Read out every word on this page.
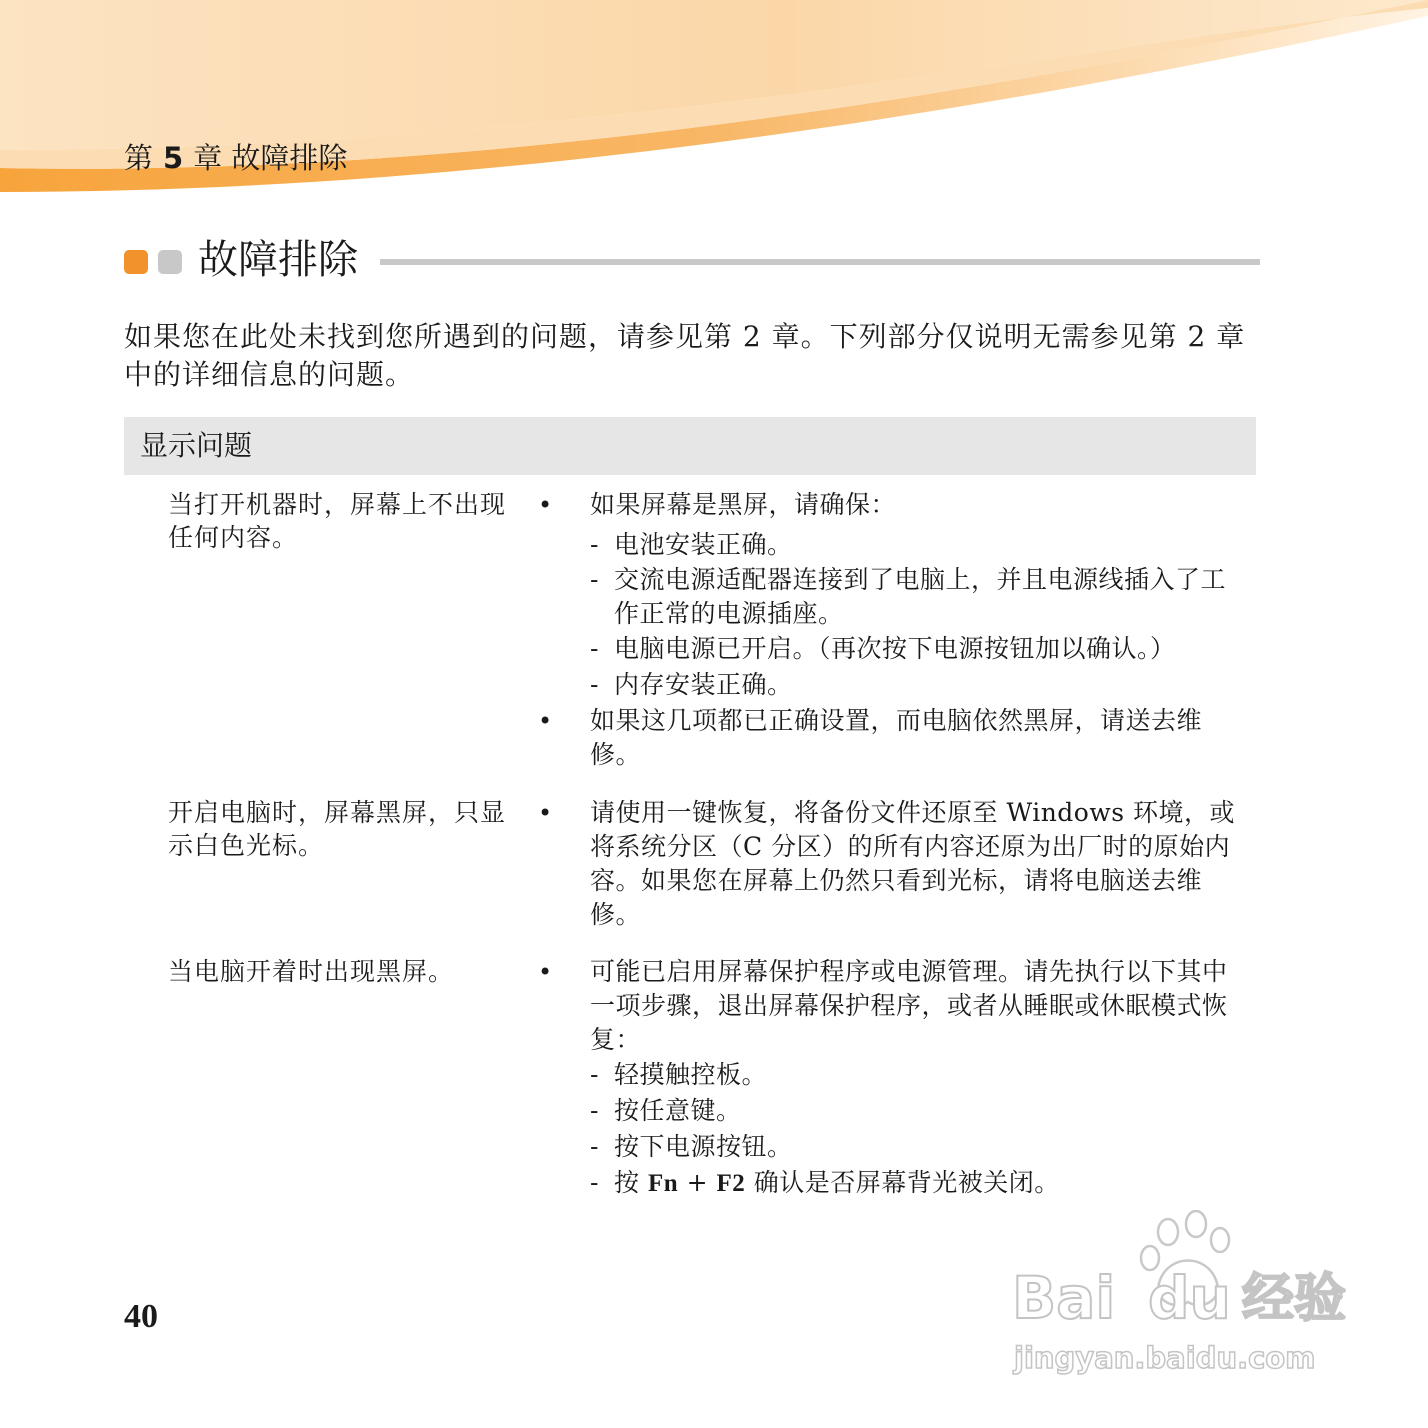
第 5 章 故障排除
故障排除
如果您在此处未找到您所遇到的问题，请参见第 2 章。下列部分仅说明无需参见第 2 章中的详细信息的问题。
显示问题
当打开机器时，屏幕上不出现任何内容。
• 如果屏幕是黑屏，请确保：
- 电池安装正确。
- 交流电源适配器连接到了电脑上，并且电源线插入了工作正常的电源插座。
- 电脑电源已开启。（再次按下电源按钮加以确认。）
- 内存安装正确。
• 如果这几项都已正确设置，而电脑依然黑屏，请送去维修。
开启电脑时，屏幕黑屏，只显示白色光标。
• 请使用一键恢复，将备份文件还原至 Windows 环境，或将系统分区（C 分区）的所有内容还原为出厂时的原始内容。如果您在屏幕上仍然只看到光标，请将电脑送去维修。
当电脑开着时出现黑屏。	• 可能已启用屏幕保护程序或电源管理。请先执行以下其中一项步骤，退出屏幕保护程序，或者从睡眠或休眠模式恢复：
- 轻摸触控板。
- 按任意键。
- 按下电源按钮。
- 按 Fn + F2 确认是否屏幕背光被关闭。
40	Bai du 经验
jingyan.baidu.com
